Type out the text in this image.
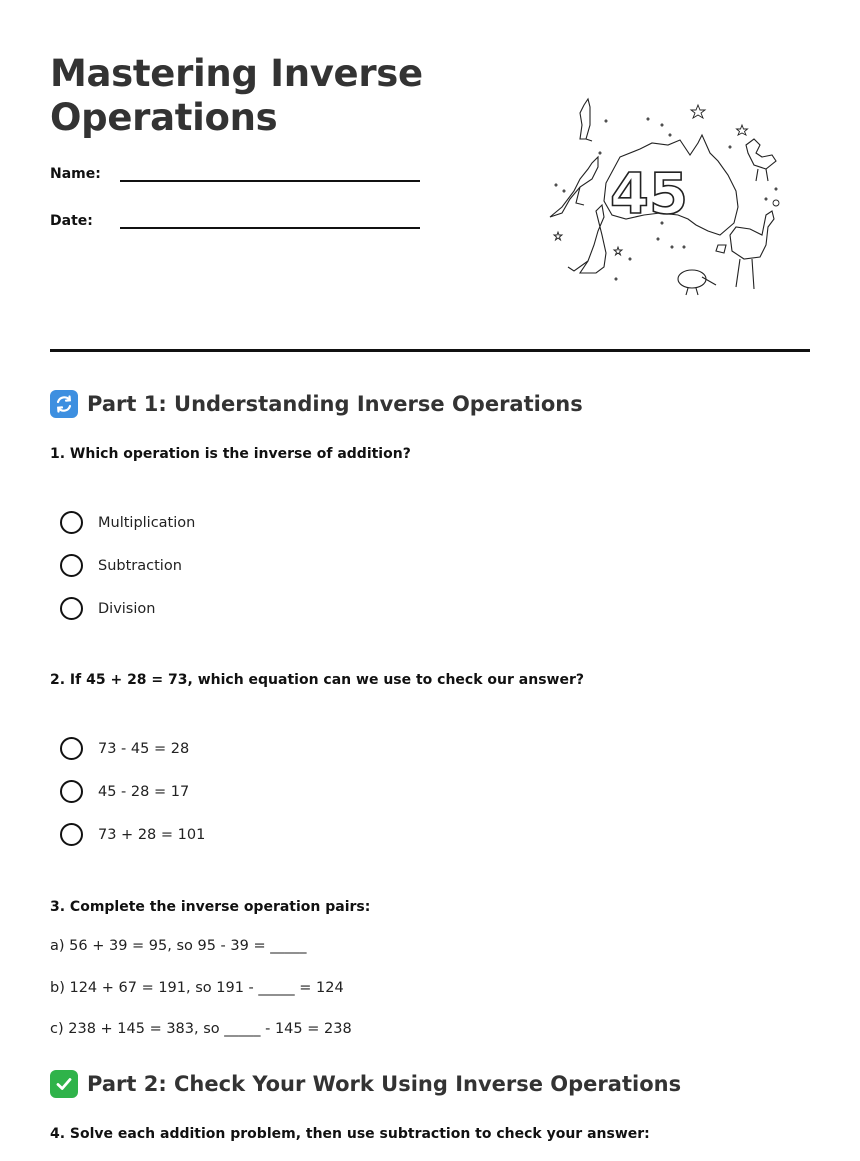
Mastering Inverse
Operations
Name:
Date:	45
Part 1: Understanding Inverse Operations
1. Which operation is the inverse of addition?
Multiplication
Subtraction
Division
2. If 45 + 28 = 73, which equation can we use to check our answer?
73 - 45 = 28
45 - 28 = 17
73 + 28 = 101
3. Complete the inverse operation pairs:
a) 56 + 39 = 95, so 95 - 39 = _____
b) 124 + 67 = 191, so 191 - _____ = 124
c) 238 + 145 = 383, so _____ - 145 = 238
Part 2: Check Your Work Using Inverse Operations
4. Solve each addition problem, then use subtraction to check your answer:
